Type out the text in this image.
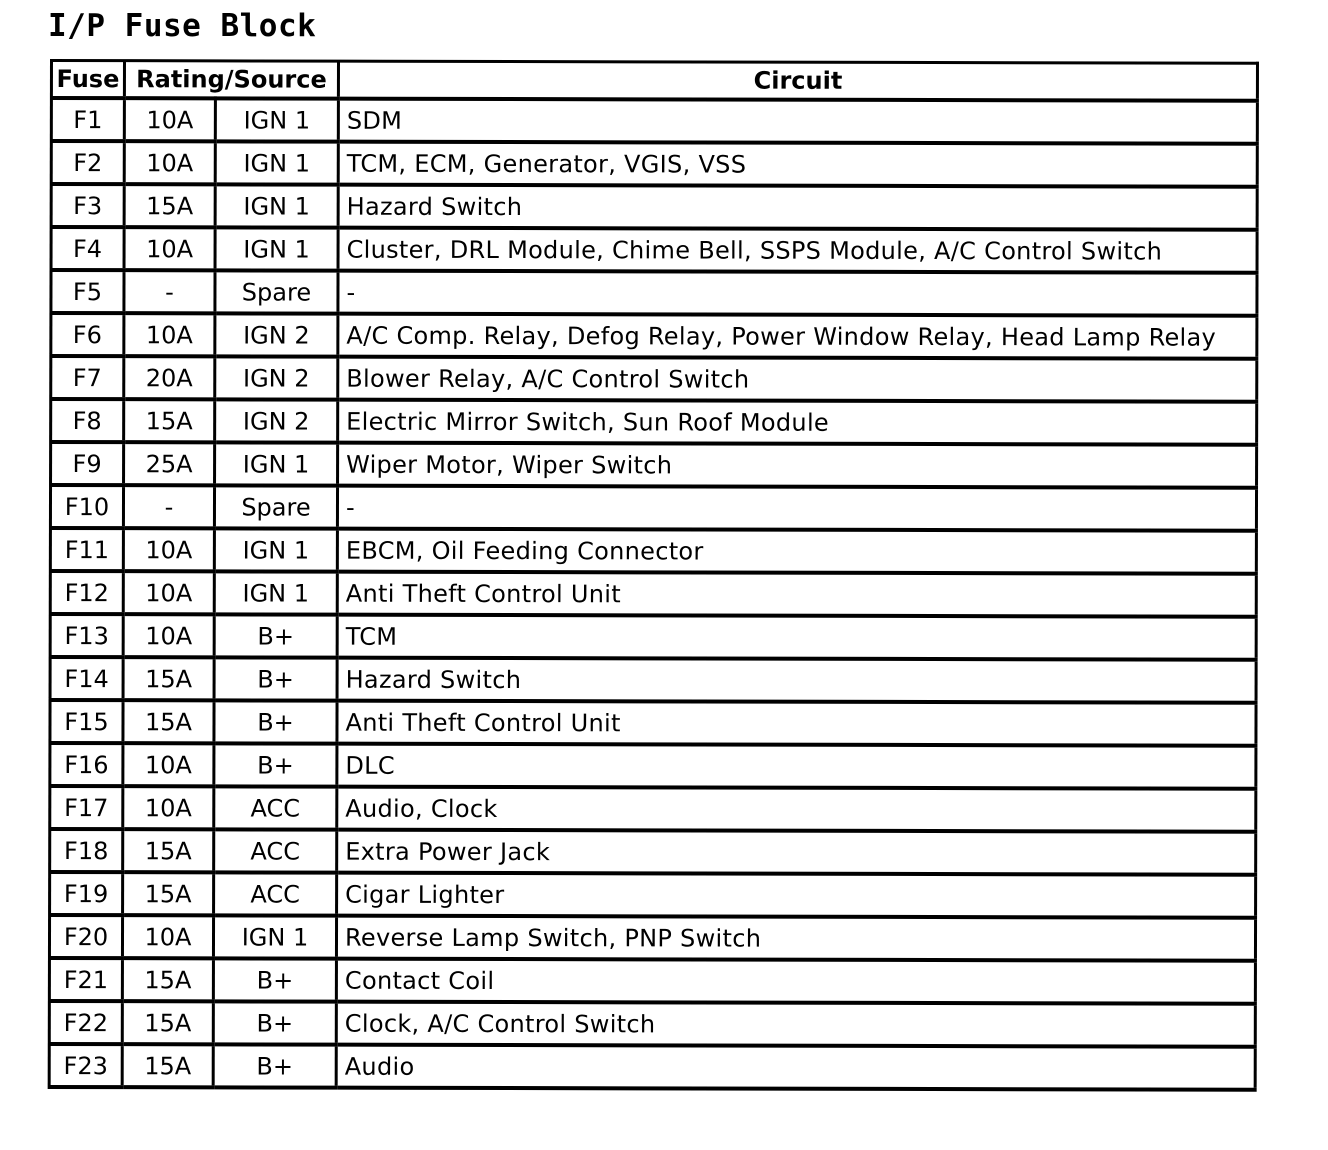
I/P Fuse Block
Fuse	Rating/Source		Circuit
F1	10A	IGN 1	SDM
F2	10A	IGN 1	TCM, ECM, Generator, VGIS, VSS
F3	15A	IGN 1	Hazard Switch
F4	10A	IGN 1	Cluster, DRL Module, Chime Bell, SSPS Module, A/C Control Switch
F5	-	Spare	-
F6	10A	IGN 2	A/C Comp. Relay, Defog Relay, Power Window Relay, Head Lamp Relay
F7	20A	IGN 2	Blower Relay, A/C Control Switch
F8	15A	IGN 2	Electric Mirror Switch, Sun Roof Module
F9	25A	IGN 1	Wiper Motor, Wiper Switch
F10	-	Spare	-
F11	10A	IGN 1	EBCM, Oil Feeding Connector
F12	10A	IGN 1	Anti Theft Control Unit
F13	10A	B+	TCM
F14	15A	B+	Hazard Switch
F15	15A	B+	Anti Theft Control Unit
F16	10A	B+	DLC
F17	10A	ACC	Audio, Clock
F18	15A	ACC	Extra Power Jack
F19	15A	ACC	Cigar Lighter
F20	10A	IGN 1	Reverse Lamp Switch, PNP Switch
F21	15A	B+	Contact Coil
F22	15A	B+	Clock, A/C Control Switch
F23	15A	B+	Audio
